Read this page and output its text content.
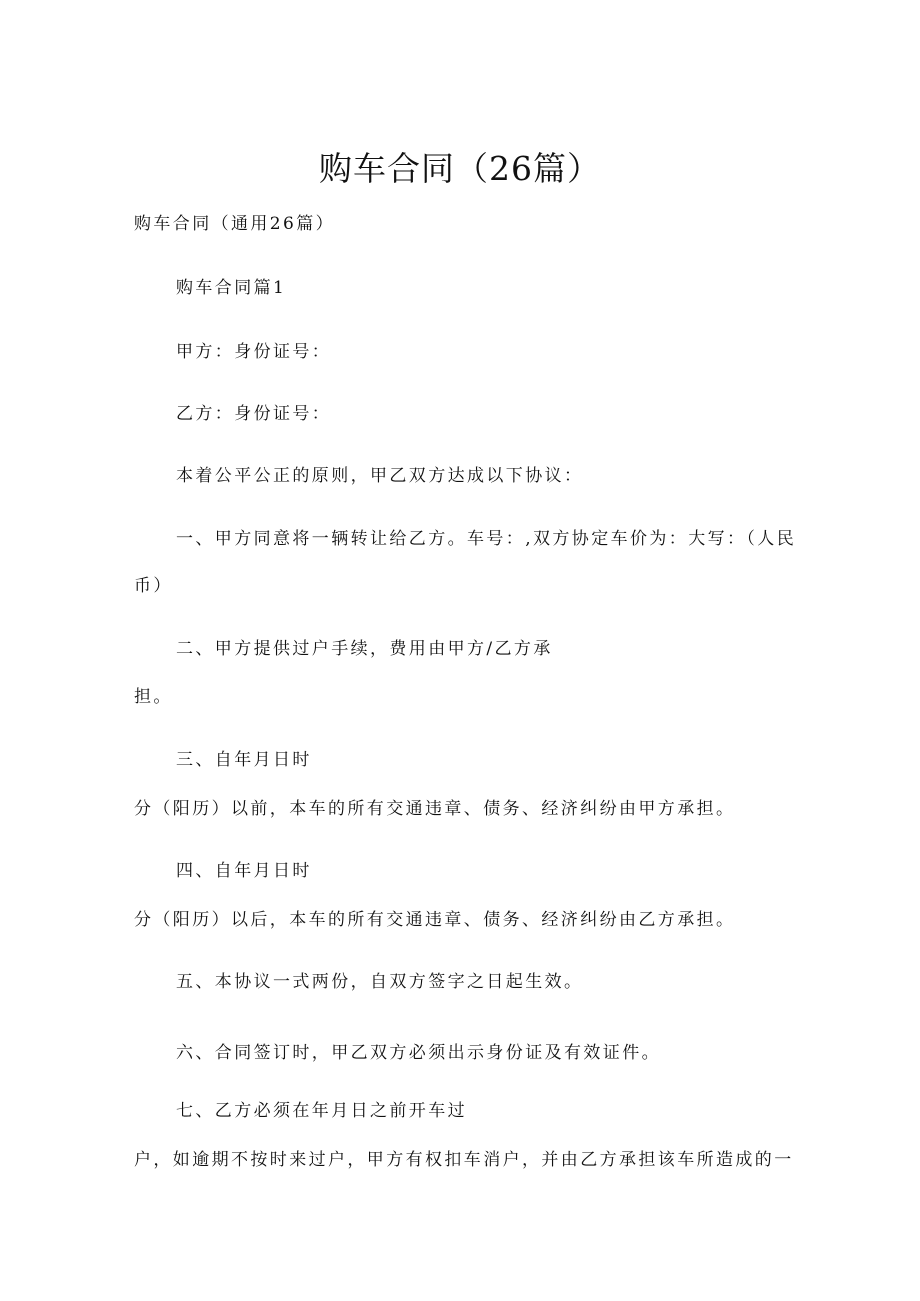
购车合同（26篇）
购车合同（通用26篇）
购车合同篇1
甲方：身份证号：
乙方：身份证号：
本着公平公正的原则，甲乙双方达成以下协议：
一、甲方同意将一辆转让给乙方。车号：,双方协定车价为：大写：（人民
币）
二、甲方提供过户手续，费用由甲方/乙方承
担。
三、自年月日时
分（阳历）以前，本车的所有交通违章、债务、经济纠纷由甲方承担。
四、自年月日时
分（阳历）以后，本车的所有交通违章、债务、经济纠纷由乙方承担。
五、本协议一式两份，自双方签字之日起生效。
六、合同签订时，甲乙双方必须出示身份证及有效证件。
七、乙方必须在年月日之前开车过
户，如逾期不按时来过户，甲方有权扣车消户，并由乙方承担该车所造成的一
